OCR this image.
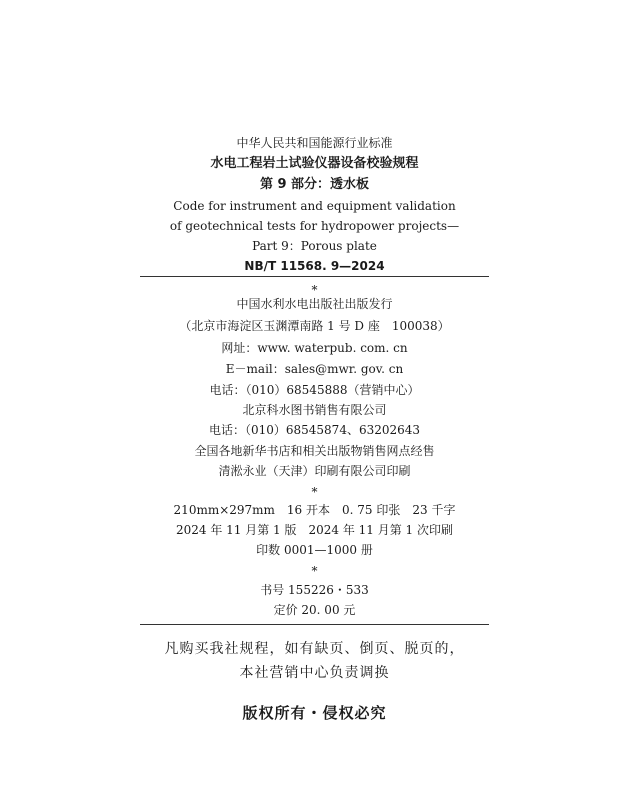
中华人民共和国能源行业标准
水电工程岩土试验仪器设备校验规程
第 9 部分：透水板
Code for instrument and equipment validation
of geotechnical tests for hydropower projects—
Part 9：Porous plate
NB/T 11568. 9—2024
*
中国水利水电出版社出版发行
（北京市海淀区玉渊潭南路 1 号 D 座　100038）
网址：www. waterpub. com. cn
E－mail：sales@mwr. gov. cn
电话：（010）68545888（营销中心）
北京科水图书销售有限公司
电话：（010）68545874、63202643
全国各地新华书店和相关出版物销售网点经售
清淞永业（天津）印刷有限公司印刷
*
210mm×297mm　16 开本　0. 75 印张　23 千字
2024 年 11 月第 1 版　2024 年 11 月第 1 次印刷
印数 0001—1000 册
*
书号 155226・533
定价 20. 00 元
凡购买我社规程，如有缺页、倒页、脱页的，
本社营销中心负责调换
版权所有・侵权必究
